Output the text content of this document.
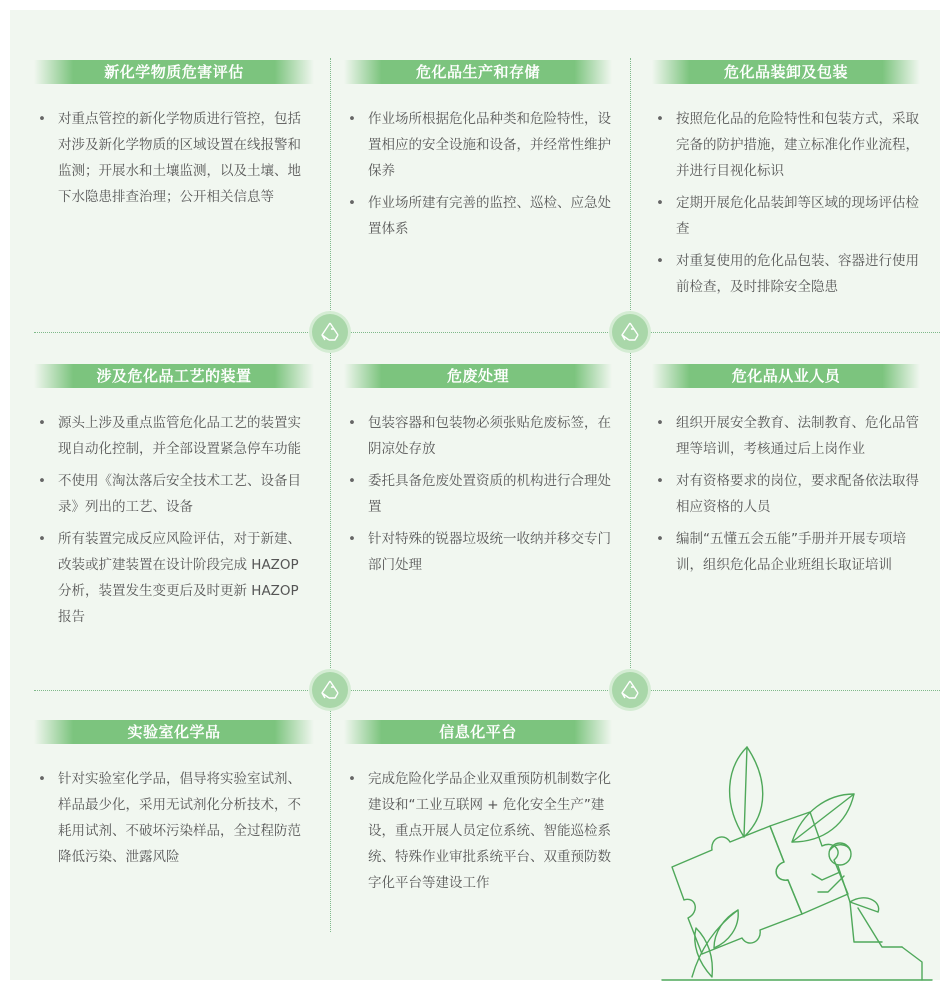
新化学物质危害评估
• 对重点管控的新化学物质进行管控，包括对涉及新化学物质的区域设置在线报警和监测；开展水和土壤监测，以及土壤、地下水隐患排查治理；公开相关信息等
危化品生产和存储
• 作业场所根据危化品种类和危险特性，设置相应的安全设施和设备，并经常性维护保养
• 作业场所建有完善的监控、巡检、应急处置体系
危化品装卸及包装
• 按照危化品的危险特性和包装方式，采取完备的防护措施，建立标准化作业流程，并进行目视化标识
• 定期开展危化品装卸等区域的现场评估检查
• 对重复使用的危化品包装、容器进行使用前检查，及时排除安全隐患
涉及危化品工艺的装置
• 源头上涉及重点监管危化品工艺的装置实现自动化控制，并全部设置紧急停车功能
• 不使用《淘汰落后安全技术工艺、设备目录》列出的工艺、设备
• 所有装置完成反应风险评估，对于新建、改装或扩建装置在设计阶段完成 HAZOP 分析，装置发生变更后及时更新 HAZOP 报告
危废处理
• 包装容器和包装物必须张贴危废标签，在阴凉处存放
• 委托具备危废处置资质的机构进行合理处置
• 针对特殊的锐器垃圾统一收纳并移交专门部门处理
危化品从业人员
• 组织开展安全教育、法制教育、危化品管理等培训，考核通过后上岗作业
• 对有资格要求的岗位，要求配备依法取得相应资格的人员
• 编制“五懂五会五能”手册并开展专项培训，组织危化品企业班组长取证培训
实验室化学品
• 针对实验室化学品，倡导将实验室试剂、样品最少化，采用无试剂化分析技术，不耗用试剂、不破坏污染样品，全过程防范降低污染、泄露风险
信息化平台
• 完成危险化学品企业双重预防机制数字化建设和“工业互联网 + 危化安全生产”建设，重点开展人员定位系统、智能巡检系统、特殊作业审批系统平台、双重预防数字化平台等建设工作
